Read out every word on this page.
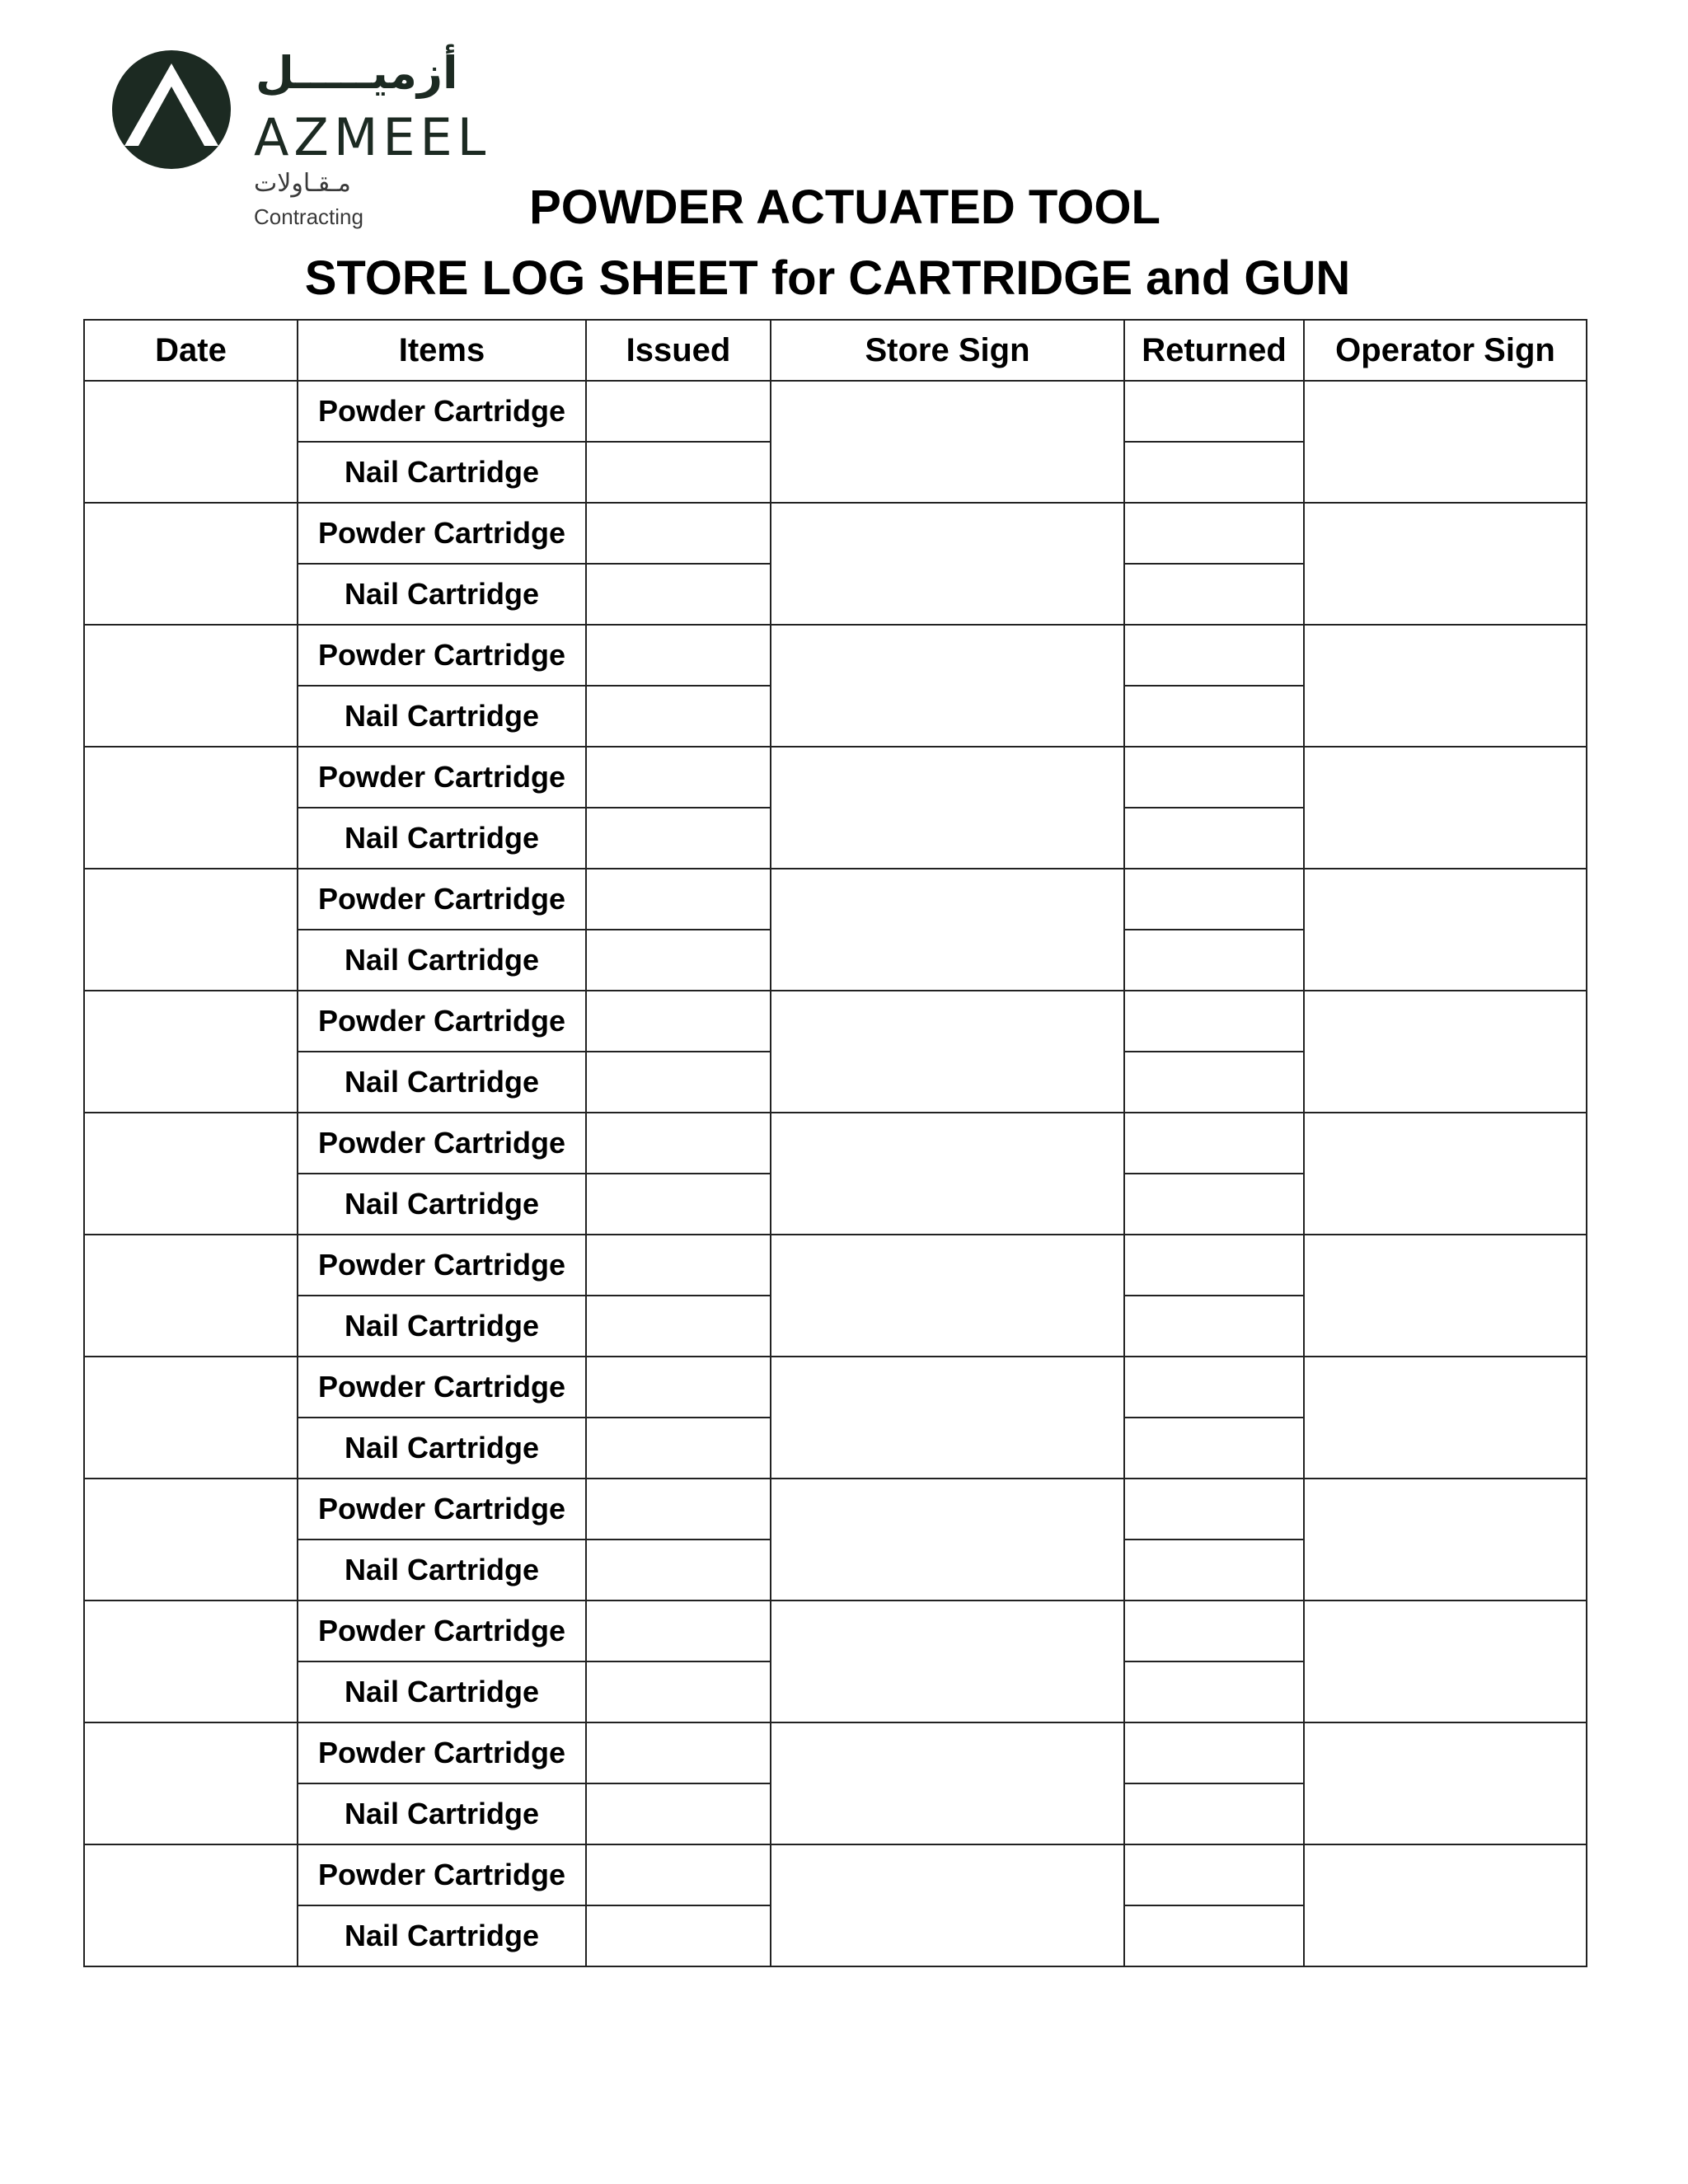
أزميـــــل
AZMEEL
مـقـاولات
Contracting	POWDER ACTUATED TOOL
STORE LOG SHEET for CARTRIDGE and GUN
Date	Items	Issued	Store Sign	Returned	Operator Sign
	Powder Cartridge				
	Nail Cartridge				
	Powder Cartridge				
	Nail Cartridge				
	Powder Cartridge				
	Nail Cartridge				
	Powder Cartridge				
	Nail Cartridge				
	Powder Cartridge				
	Nail Cartridge				
	Powder Cartridge				
	Nail Cartridge				
	Powder Cartridge				
	Nail Cartridge				
	Powder Cartridge				
	Nail Cartridge				
	Powder Cartridge				
	Nail Cartridge				
	Powder Cartridge				
	Nail Cartridge				
	Powder Cartridge				
	Nail Cartridge				
	Powder Cartridge				
	Nail Cartridge				
	Powder Cartridge				
	Nail Cartridge				
